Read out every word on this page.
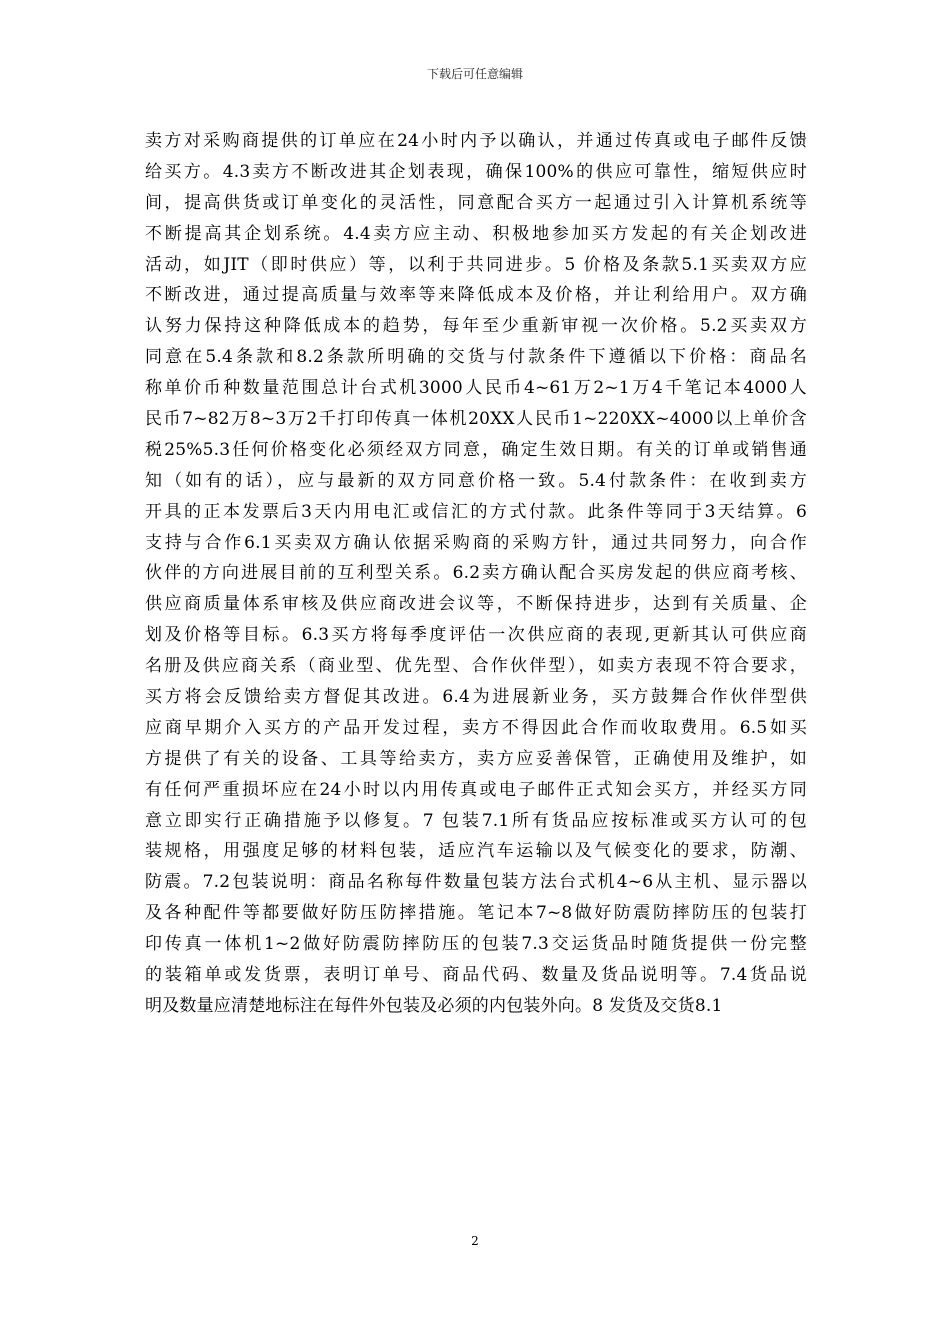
下载后可任意编辑
卖方对采购商提供的订单应在24小时内予以确认，并通过传真或电子邮件反馈
给买方。4.3卖方不断改进其企划表现，确保100%的供应可靠性，缩短供应时
间，提高供货或订单变化的灵活性，同意配合买方一起通过引入计算机系统等
不断提高其企划系统。4.4卖方应主动、积极地参加买方发起的有关企划改进
活动，如JIT（即时供应）等，以利于共同进步。5 价格及条款5.1买卖双方应
不断改进，通过提高质量与效率等来降低成本及价格，并让利给用户。双方确
认努力保持这种降低成本的趋势，每年至少重新审视一次价格。5.2买卖双方
同意在5.4条款和8.2条款所明确的交货与付款条件下遵循以下价格：商品名
称单价币种数量范围总计台式机3000人民币4~61万2~1万4千笔记本4000人
民币7~82万8~3万2千打印传真一体机20XX人民币1~220XX~4000以上单价含
税25%5.3任何价格变化必须经双方同意，确定生效日期。有关的订单或销售通
知（如有的话），应与最新的双方同意价格一致。5.4付款条件：在收到卖方
开具的正本发票后3天内用电汇或信汇的方式付款。此条件等同于3天结算。6
支持与合作6.1买卖双方确认依据采购商的采购方针，通过共同努力，向合作
伙伴的方向进展目前的互利型关系。6.2卖方确认配合买房发起的供应商考核、
供应商质量体系审核及供应商改进会议等，不断保持进步，达到有关质量、企
划及价格等目标。6.3买方将每季度评估一次供应商的表现,更新其认可供应商
名册及供应商关系（商业型、优先型、合作伙伴型），如卖方表现不符合要求，
买方将会反馈给卖方督促其改进。6.4为进展新业务，买方鼓舞合作伙伴型供
应商早期介入买方的产品开发过程，卖方不得因此合作而收取费用。6.5如买
方提供了有关的设备、工具等给卖方，卖方应妥善保管，正确使用及维护，如
有任何严重损坏应在24小时以内用传真或电子邮件正式知会买方，并经买方同
意立即实行正确措施予以修复。7 包装7.1所有货品应按标准或买方认可的包
装规格，用强度足够的材料包装，适应汽车运输以及气候变化的要求，防潮、
防震。7.2包装说明：商品名称每件数量包装方法台式机4~6从主机、显示器以
及各种配件等都要做好防压防摔措施。笔记本7~8做好防震防摔防压的包装打
印传真一体机1~2做好防震防摔防压的包装7.3交运货品时随货提供一份完整
的装箱单或发货票，表明订单号、商品代码、数量及货品说明等。7.4货品说
明及数量应清楚地标注在每件外包装及必须的内包装外向。8 发货及交货8.1
2
